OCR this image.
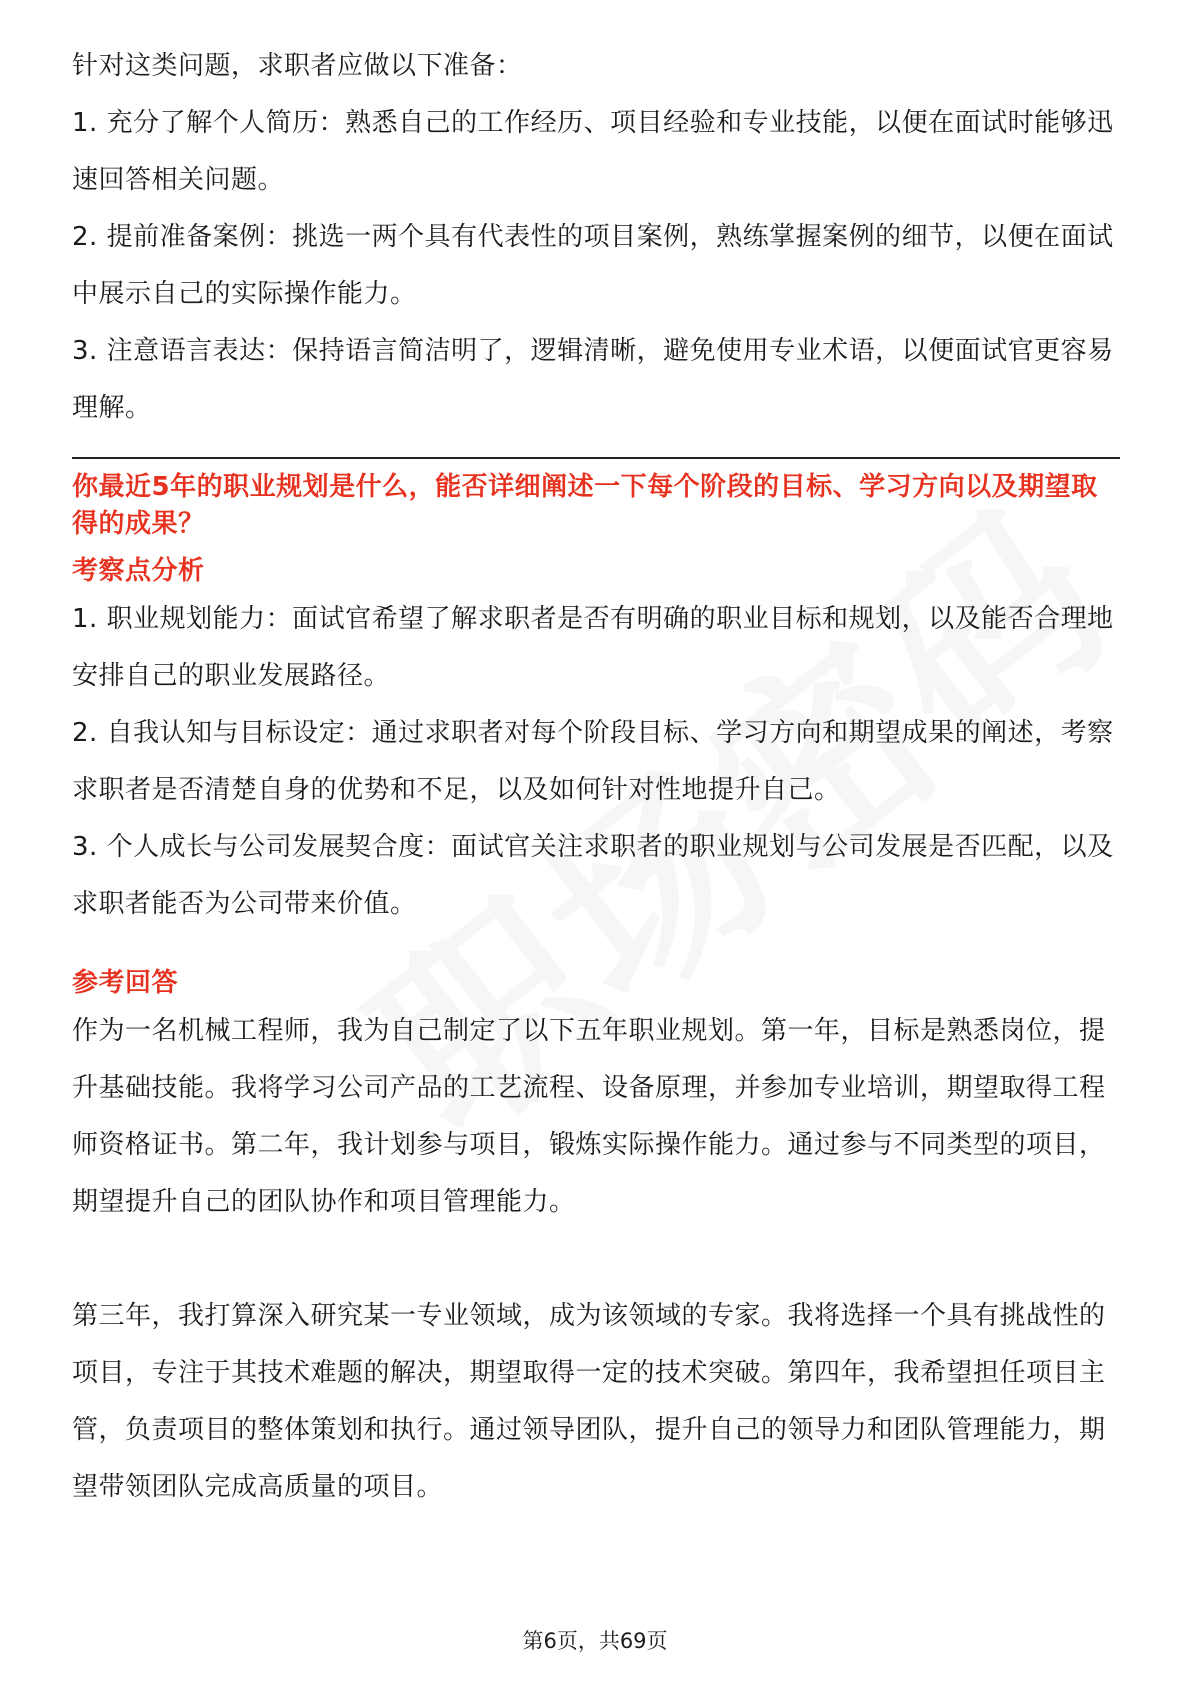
针对这类问题，求职者应做以下准备：

1. 充分了解个人简历：熟悉自己的工作经历、项目经验和专业技能，以便在面试时能够迅速回答相关问题。

2. 提前准备案例：挑选一两个具有代表性的项目案例，熟练掌握案例的细节，以便在面试中展示自己的实际操作能力。

3. 注意语言表达：保持语言简洁明了，逻辑清晰，避免使用专业术语，以便面试官更容易理解。

你最近5年的职业规划是什么，能否详细阐述一下每个阶段的目标、学习方向以及期望取得的成果？

考察点分析

1. 职业规划能力：面试官希望了解求职者是否有明确的职业目标和规划，以及能否合理地安排自己的职业发展路径。

2. 自我认知与目标设定：通过求职者对每个阶段目标、学习方向和期望成果的阐述，考察求职者是否清楚自身的优势和不足，以及如何针对性地提升自己。

3. 个人成长与公司发展契合度：面试官关注求职者的职业规划与公司发展是否匹配，以及求职者能否为公司带来价值。

参考回答

作为一名机械工程师，我为自己制定了以下五年职业规划。第一年，目标是熟悉岗位，提升基础技能。我将学习公司产品的工艺流程、设备原理，并参加专业培训，期望取得工程师资格证书。第二年，我计划参与项目，锻炼实际操作能力。通过参与不同类型的项目，期望提升自己的团队协作和项目管理能力。

第三年，我打算深入研究某一专业领域，成为该领域的专家。我将选择一个具有挑战性的项目，专注于其技术难题的解决，期望取得一定的技术突破。第四年，我希望担任项目主管，负责项目的整体策划和执行。通过领导团队，提升自己的领导力和团队管理能力，期望带领团队完成高质量的项目。

第6页，共69页
